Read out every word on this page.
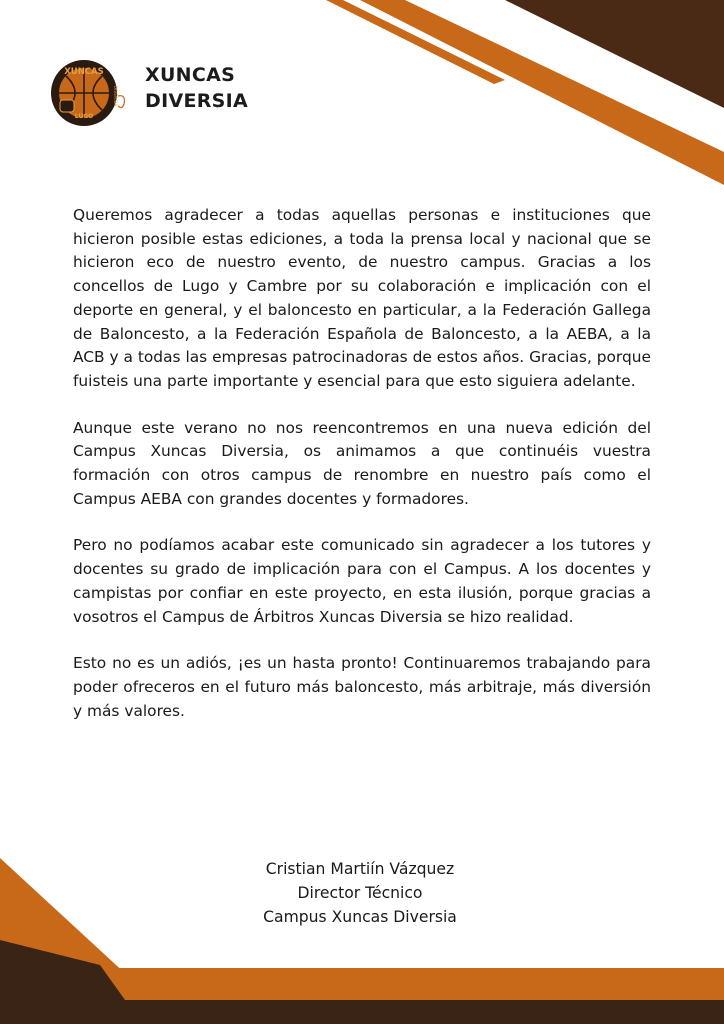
XUNCAS
LUGO
DIVERSIA
XUNCAS
DIVERSIA

Queremos agradecer a todas aquellas personas e instituciones que hicieron posible estas ediciones, a toda la prensa local y nacional que se hicieron eco de nuestro evento, de nuestro campus. Gracias a los concellos de Lugo y Cambre por su colaboración e implicación con el deporte en general, y el baloncesto en particular, a la Federación Gallega de Baloncesto, a la Federación Española de Baloncesto, a la AEBA, a la ACB y a todas las empresas patrocinadoras de estos años. Gracias, porque fuisteis una parte importante y esencial para que esto siguiera adelante.

Aunque este verano no nos reencontremos en una nueva edición del Campus Xuncas Diversia, os animamos a que continuéis vuestra formación con otros campus de renombre en nuestro país como el Campus AEBA con grandes docentes y formadores.

Pero no podíamos acabar este comunicado sin agradecer a los tutores y docentes su grado de implicación para con el Campus. A los docentes y campistas por confiar en este proyecto, en esta ilusión, porque gracias a vosotros el Campus de Árbitros Xuncas Diversia se hizo realidad.

Esto no es un adiós, ¡es un hasta pronto! Continuaremos trabajando para poder ofreceros en el futuro más baloncesto, más arbitraje, más diversión y más valores.

Cristian Martiín Vázquez
Director Técnico
Campus Xuncas Diversia
